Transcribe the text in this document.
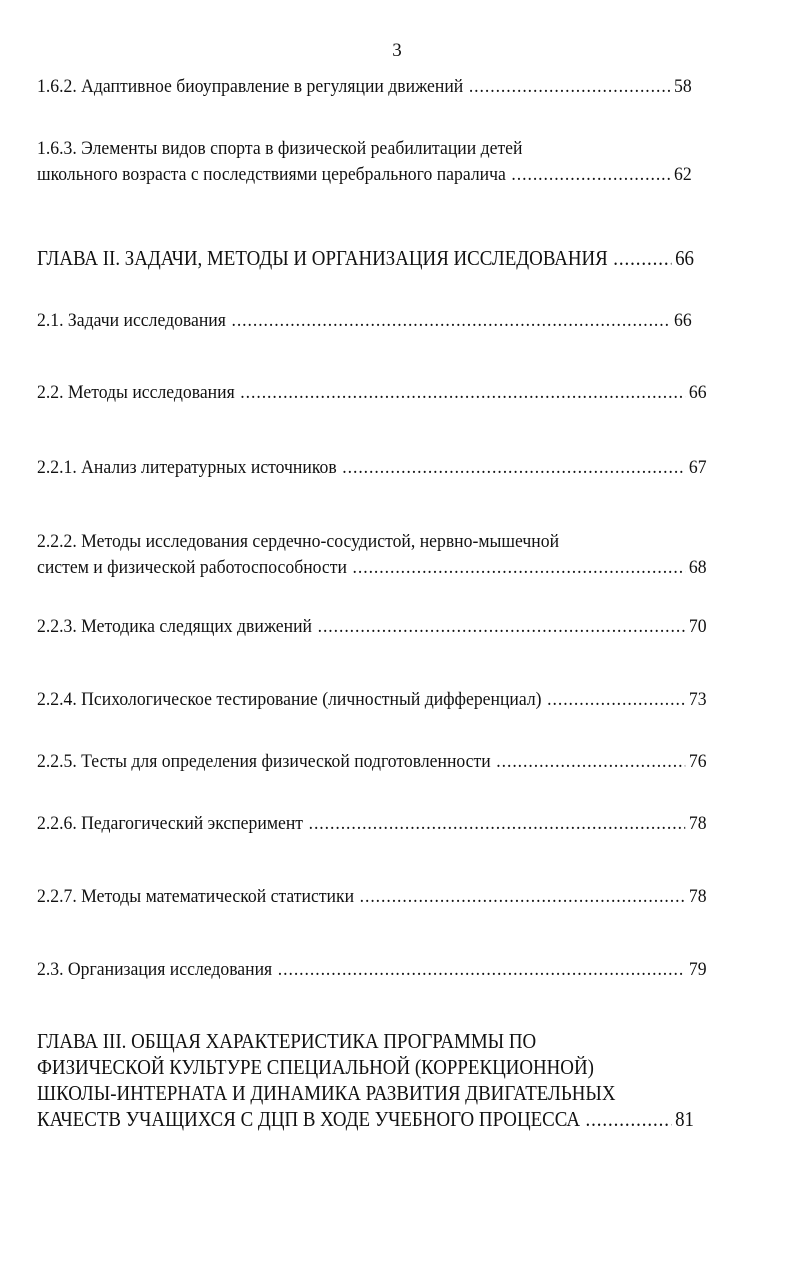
3
1.6.2. Адаптивное биоуправление в регуляции движений .....	58
1.6.3. Элементы видов спорта в физической реабилитации детей
школьного возраста с последствиями церебрального паралича .....	62
ГЛАВА II. ЗАДАЧИ, МЕТОДЫ И ОРГАНИЗАЦИЯ ИССЛЕДОВАНИЯ .....	66
2.1. Задачи исследования .....	66
2.2. Методы исследования .....	66
2.2.1. Анализ литературных источников .....	67
2.2.2. Методы исследования сердечно-сосудистой, нервно-мышечной
систем и физической работоспособности .....	68
2.2.3. Методика следящих движений .....	70
2.2.4. Психологическое тестирование (личностный дифференциал) .....	73
2.2.5. Тесты для определения физической подготовленности .....	76
2.2.6. Педагогический эксперимент .....	78
2.2.7. Методы математической статистики .....	78
2.3. Организация исследования .....	79
ГЛАВА III. ОБЩАЯ ХАРАКТЕРИСТИКА ПРОГРАММЫ ПО
ФИЗИЧЕСКОЙ КУЛЬТУРЕ СПЕЦИАЛЬНОЙ (КОРРЕКЦИОННОЙ)
ШКОЛЫ-ИНТЕРНАТА И ДИНАМИКА РАЗВИТИЯ ДВИГАТЕЛЬНЫХ
КАЧЕСТВ УЧАЩИХСЯ С ДЦП В ХОДЕ УЧЕБНОГО ПРОЦЕССА .....	81
